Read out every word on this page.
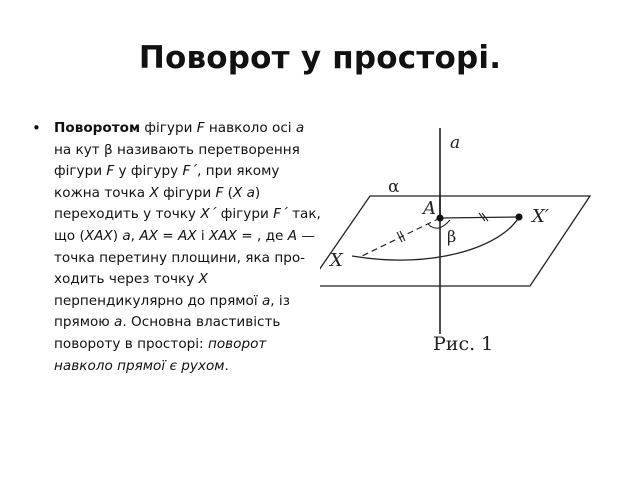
Поворот у просторі.
• Поворотом фігури F навколо осі a на кут β називають перетворення фігури F у фігуру F´, при якому кожна точка X фігури F (X a) переходить у точку X´ фігури F´ так, що (XAX) a, AX = AX і XAX = , де A — точка перетину площини, яка про-ходить через точку X перпендикулярно до прямої a, із прямою a. Основна властивість повороту в просторі: поворот навколо прямої є рухом.
a
α
A	X′
X
β
Рис. 1
